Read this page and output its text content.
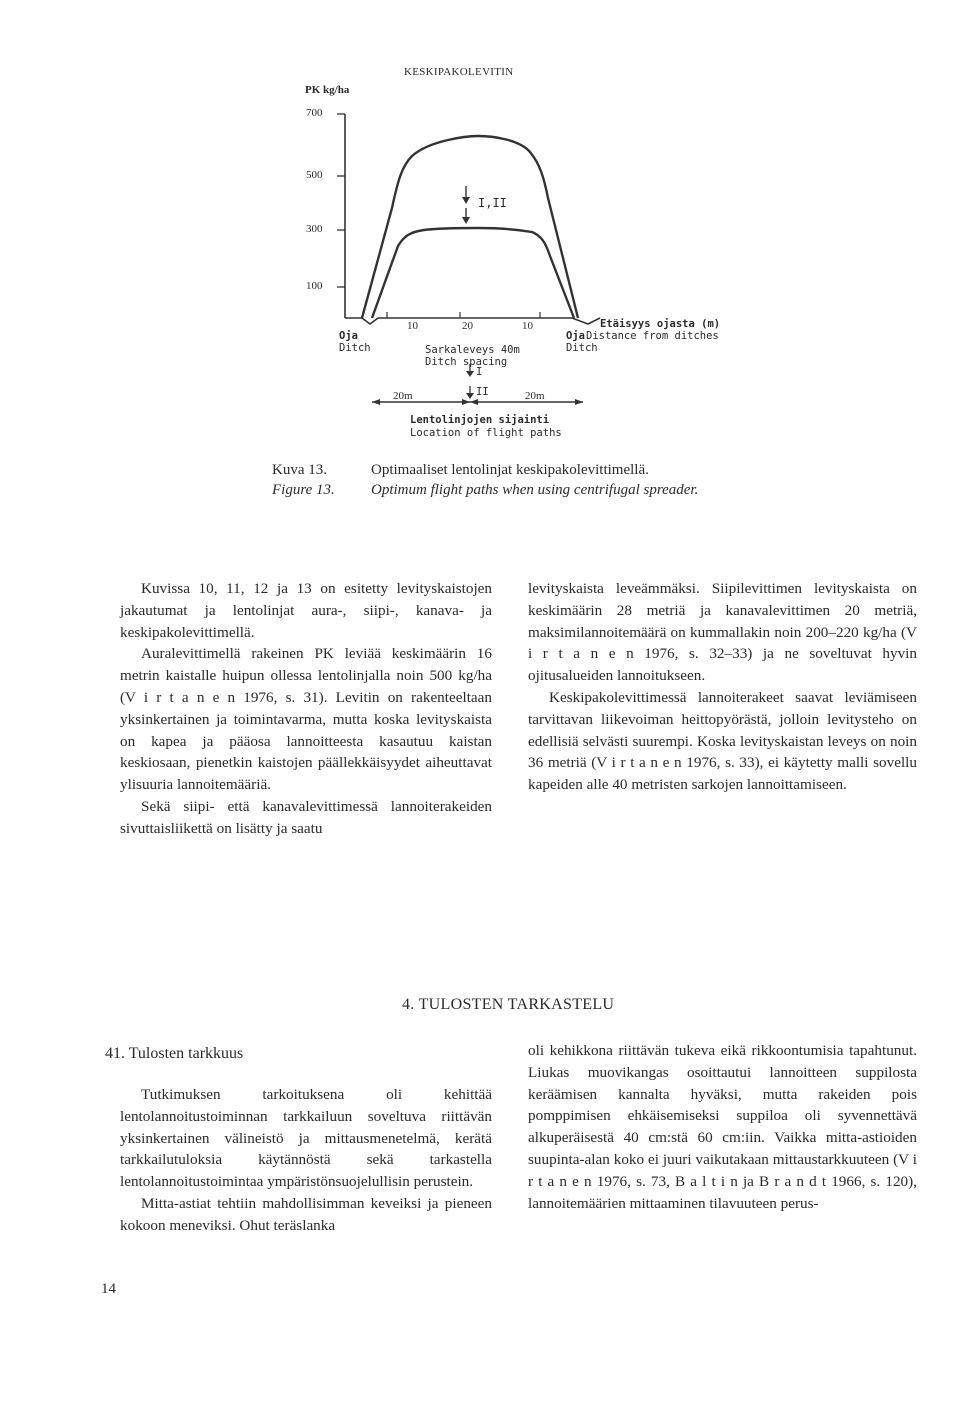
KESKIPAKOLEVITIN
PK kg/ha
700
500
300
100
10	20	10
I,II
Oja
Ditch
Oja
Ditch
Etäisyys ojasta (m)
Distance from ditches
Sarkaleveys 40m
Ditch spacing
I
II
20m	20m
Lentolinjojen sijainti
Location of flight paths
Kuva 13.	Optimaaliset lentolinjat keskipakolevittimellä.
Figure 13. Optimum flight paths when using centrifugal spreader.

Kuvissa 10, 11, 12 ja 13 on esitetty levityskaistojen jakautumat ja lentolinjat aura-, siipi-, kanava- ja keskipakolevittimellä.

Auralevittimellä rakeinen PK leviää keskimäärin 16 metrin kaistalle huipun ollessa lentolinjalla noin 500 kg/ha (V i r t a n e n 1976, s. 31). Levitin on rakenteeltaan yksinkertainen ja toimintavarma, mutta koska levityskaista on kapea ja pääosa lannoitteesta kasautuu kaistan keskiosaan, pienetkin kaistojen päällekkäisyydet aiheuttavat ylisuuria lannoitemääriä.

Sekä siipi- että kanavalevittimessä lannoiterakeiden sivuttaisliikettä on lisätty ja saatu

levityskaista leveämmäksi. Siipilevittimen levityskaista on keskimäärin 28 metriä ja kanavalevittimen 20 metriä, maksimilannoitemäärä on kummallakin noin 200–220 kg/ha (V i r t a n e n 1976, s. 32–33) ja ne soveltuvat hyvin ojitusalueiden lannoitukseen.

Keskipakolevittimessä lannoiterakeet saavat leviämiseen tarvittavan liikevoiman heittopyörästä, jolloin levitysteho on edellisiä selvästi suurempi. Koska levityskaistan leveys on noin 36 metriä (V i r t a n e n 1976, s. 33), ei käytetty malli sovellu kapeiden alle 40 metristen sarkojen lannoittamiseen.

4. TULOSTEN TARKASTELU
41. Tulosten tarkkuus

Tutkimuksen tarkoituksena oli kehittää lentolannoitustoiminnan tarkkailuun soveltuva riittävän yksinkertainen välineistö ja mittausmenetelmä, kerätä tarkkailutuloksia käytännöstä sekä tarkastella lentolannoitustoimintaa ympäristönsuojelullisin perustein.

Mitta-astiat tehtiin mahdollisimman keveiksi ja pieneen kokoon meneviksi. Ohut teräslanka

oli kehikkona riittävän tukeva eikä rikkoontumisia tapahtunut. Liukas muovikangas osoittautui lannoitteen suppilosta keräämisen kannalta hyväksi, mutta rakeiden pois pomppimisen ehkäisemiseksi suppiloa oli syvennettävä alkuperäisestä 40 cm:stä 60 cm:iin. Vaikka mitta-astioiden suupinta-alan koko ei juuri vaikutakaan mittaustarkkuuteen (V i r t a n e n 1976, s. 73, B a l t i n ja B r a n d t 1966, s. 120), lannoitemäärien mittaaminen tilavuuteen perus-

14
